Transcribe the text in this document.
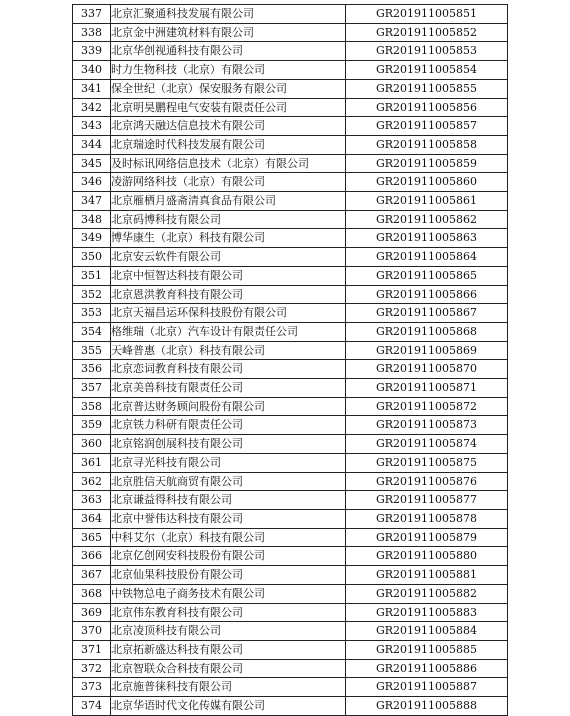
337	北京汇聚通科技发展有限公司	GR201911005851
338	北京金中洲建筑材料有限公司	GR201911005852
339	北京华创视通科技有限公司	GR201911005853
340	时力生物科技（北京）有限公司	GR201911005854
341	保全世纪（北京）保安服务有限公司	GR201911005855
342	北京明昊鹏程电气安装有限责任公司	GR201911005856
343	北京鸿天融达信息技术有限公司	GR201911005857
344	北京瑞途时代科技发展有限公司	GR201911005858
345	及时标讯网络信息技术（北京）有限公司	GR201911005859
346	凌游网络科技（北京）有限公司	GR201911005860
347	北京雁栖月盛斋清真食品有限公司	GR201911005861
348	北京码博科技有限公司	GR201911005862
349	博华康生（北京）科技有限公司	GR201911005863
350	北京安云软件有限公司	GR201911005864
351	北京中恒智达科技有限公司	GR201911005865
352	北京恩洪教育科技有限公司	GR201911005866
353	北京天福昌运环保科技股份有限公司	GR201911005867
354	格维瑞（北京）汽车设计有限责任公司	GR201911005868
355	天峰普惠（北京）科技有限公司	GR201911005869
356	北京恋词教育科技有限公司	GR201911005870
357	北京美兽科技有限责任公司	GR201911005871
358	北京普达财务顾问股份有限公司	GR201911005872
359	北京铁力科研有限责任公司	GR201911005873
360	北京铭润创展科技有限公司	GR201911005874
361	北京寻光科技有限公司	GR201911005875
362	北京胜信天航商贸有限公司	GR201911005876
363	北京谦益得科技有限公司	GR201911005877
364	北京中誉伟达科技有限公司	GR201911005878
365	中科艾尔（北京）科技有限公司	GR201911005879
366	北京亿创网安科技股份有限公司	GR201911005880
367	北京仙果科技股份有限公司	GR201911005881
368	中铁物总电子商务技术有限公司	GR201911005882
369	北京伟东教育科技有限公司	GR201911005883
370	北京凌顶科技有限公司	GR201911005884
371	北京拓新盛达科技有限公司	GR201911005885
372	北京智联众合科技有限公司	GR201911005886
373	北京施普徕科技有限公司	GR201911005887
374	北京华语时代文化传媒有限公司	GR201911005888
